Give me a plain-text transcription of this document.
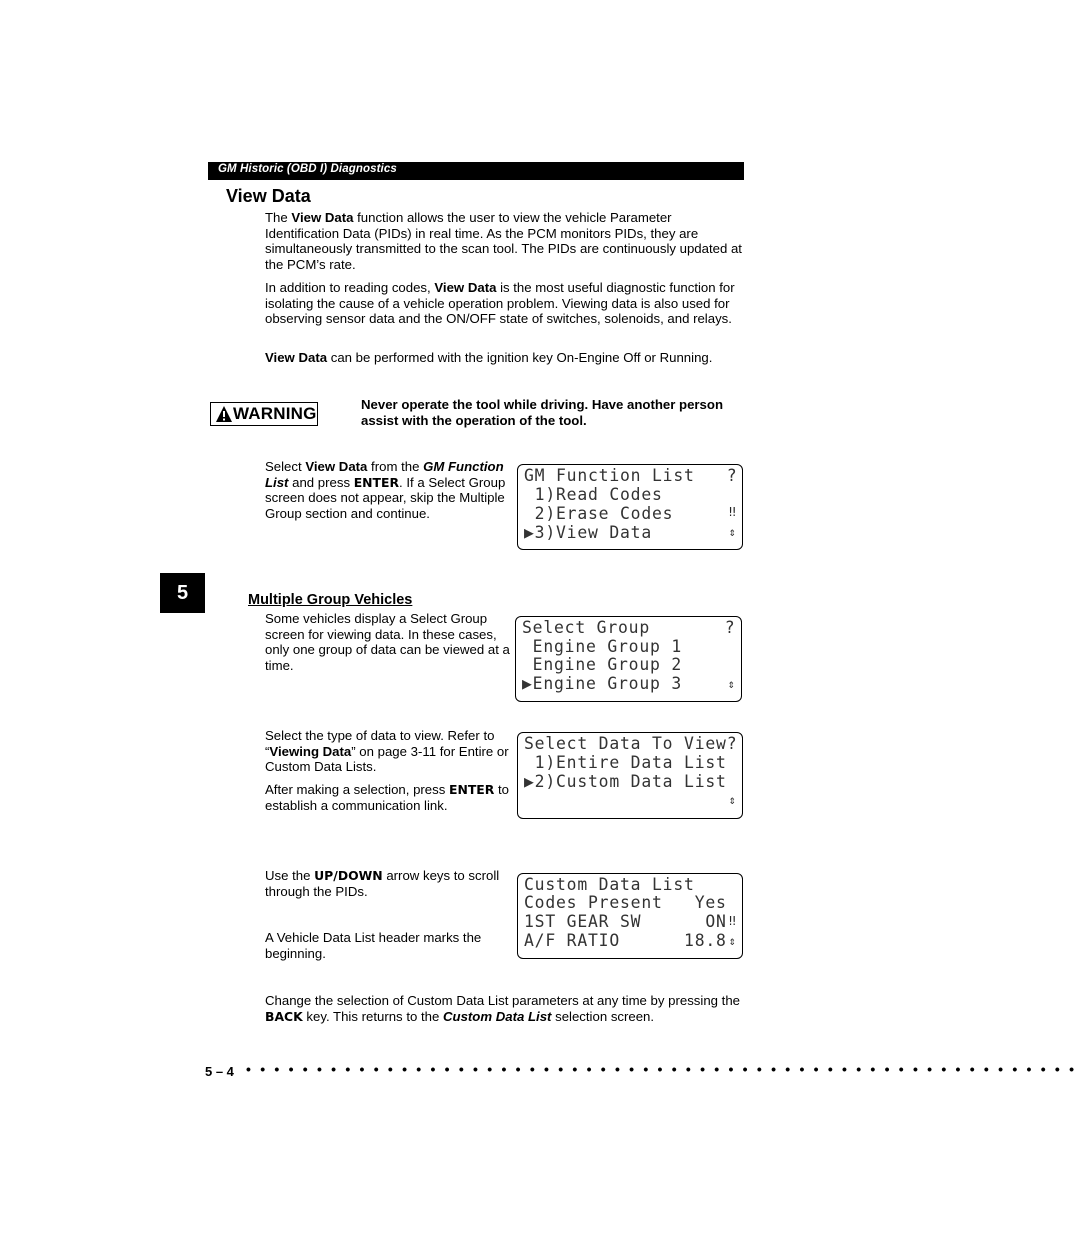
GM Historic (OBD I) Diagnostics
View Data
The View Data function allows the user to view the vehicle Parameter Identification Data (PIDs) in real time. As the PCM monitors PIDs, they are simultaneously transmitted to the scan tool. The PIDs are continuously updated at the PCM’s rate.
In addition to reading codes, View Data is the most useful diagnostic function for isolating the cause of a vehicle operation problem. Viewing data is also used for observing sensor data and the ON/OFF state of switches, solenoids, and relays.
View Data can be performed with the ignition key On-Engine Off or Running.
WARNING	Never operate the tool while driving. Have another person assist with the operation of the tool.
Select View Data from the GM Function List and press ENTER. If a Select Group screen does not appear, skip the Multiple Group section and continue.
GM Function List   ?
1)Read Codes
2)Erase Codes
▶3)View Data
‼
⇕
5	Multiple Group Vehicles
Some vehicles display a Select Group screen for viewing data. In these cases, only one group of data can be viewed at a time.
Select Group       ?
Engine Group 1
Engine Group 2
▶Engine Group 3	⇕
Select the type of data to view. Refer to “Viewing Data” on page 3-11 for Entire or Custom Data Lists.
After making a selection, press ENTER to establish a communication link.
Select Data To View?
1)Entire Data List
▶2)Custom Data List
⇕
Use the UP/DOWN arrow keys to scroll through the PIDs.
A Vehicle Data List header marks the beginning.
Custom Data List
Codes Present   Yes
1ST GEAR SW      ON
A/F RATIO      18.8
‼
⇕
Change the selection of Custom Data List parameters at any time by pressing the BACK key. This returns to the Custom Data List selection screen.
5 – 4 • • • • • • • • • • • • • • • • • • • • • • • • • • • • • • • • • • • • • • • • • • • • • • • • • • • • • • • • • • •
